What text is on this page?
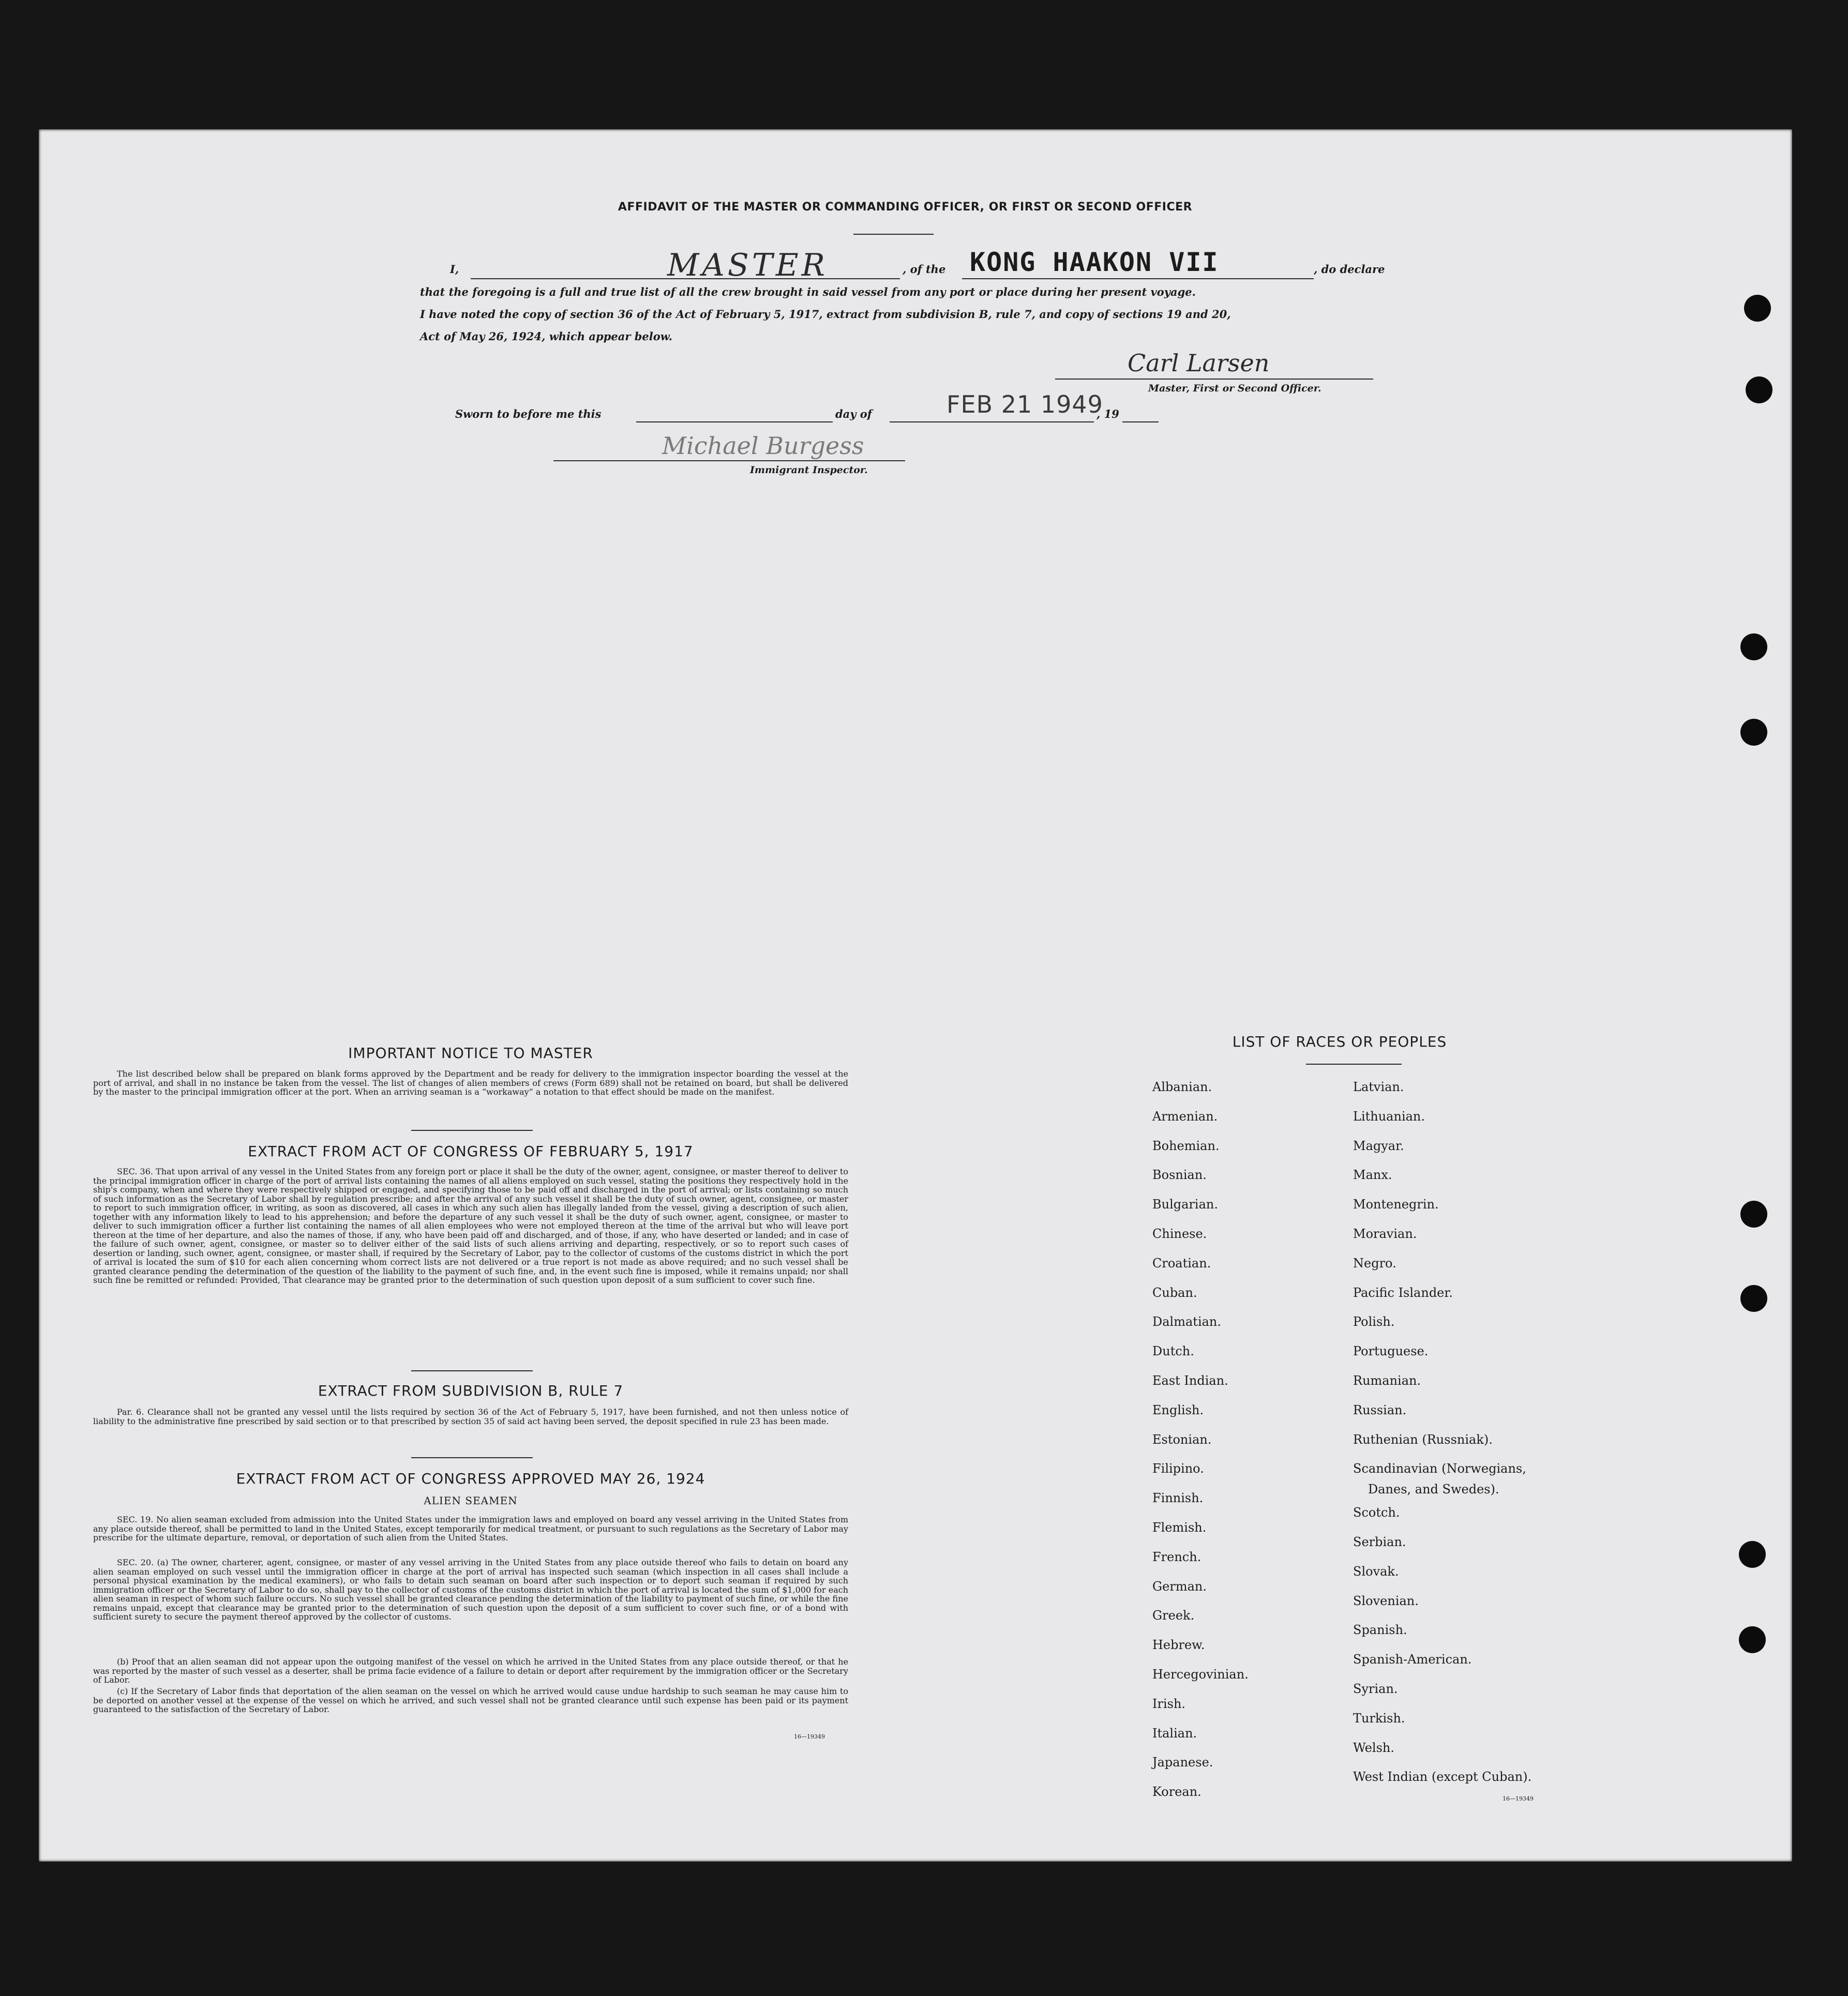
AFFIDAVIT OF THE MASTER OR COMMANDING OFFICER, OR FIRST OR SECOND OFFICER
I,	MASTER	, of the KONG HAAKON VII	, do declare
that the foregoing is a full and true list of all the crew brought in said vessel from any port or place during her present voyage.
I have noted the copy of section 36 of the Act of February 5, 1917, extract from subdivision B, rule 7, and copy of sections 19 and 20,
Act of May 26, 1924, which appear below.
Carl Larsen
Master, First or Second Officer.
Sworn to before me this	day of	FEB 21 1949
, 19
Michael Burgess
Immigrant Inspector.
IMPORTANT NOTICE TO MASTER
The list described below shall be prepared on blank forms approved by the Department and be ready for delivery to the immigration inspector boarding the vessel at the port of arrival, and shall in no instance be taken from the vessel. The list of changes of alien members of crews (Form 689) shall not be retained on board, but shall be delivered by the master to the principal immigration officer at the port. When an arriving seaman is a “workaway” a notation to that effect should be made on the manifest.
EXTRACT FROM ACT OF CONGRESS OF FEBRUARY 5, 1917
SEC. 36. That upon arrival of any vessel in the United States from any foreign port or place it shall be the duty of the owner, agent, consignee, or master thereof to deliver to the principal immigration officer in charge of the port of arrival lists containing the names of all aliens employed on such vessel, stating the positions they respectively hold in the ship's company, when and where they were respectively shipped or engaged, and specifying those to be paid off and discharged in the port of arrival; or lists containing so much of such information as the Secretary of Labor shall by regulation prescribe; and after the arrival of any such vessel it shall be the duty of such owner, agent, consignee, or master to report to such immigration officer, in writing, as soon as discovered, all cases in which any such alien has illegally landed from the vessel, giving a description of such alien, together with any information likely to lead to his apprehension; and before the departure of any such vessel it shall be the duty of such owner, agent, consignee, or master to deliver to such immigration officer a further list containing the names of all alien employees who were not employed thereon at the time of the arrival but who will leave port thereon at the time of her departure, and also the names of those, if any, who have been paid off and discharged, and of those, if any, who have deserted or landed; and in case of the failure of such owner, agent, consignee, or master so to deliver either of the said lists of such aliens arriving and departing, respectively, or so to report such cases of desertion or landing, such owner, agent, consignee, or master shall, if required by the Secretary of Labor, pay to the collector of customs of the customs district in which the port of arrival is located the sum of $10 for each alien concerning whom correct lists are not delivered or a true report is not made as above required; and no such vessel shall be granted clearance pending the determination of the question of the liability to the payment of such fine, and, in the event such fine is imposed, while it remains unpaid; nor shall such fine be remitted or refunded: Provided, That clearance may be granted prior to the determination of such question upon deposit of a sum sufficient to cover such fine.
EXTRACT FROM SUBDIVISION B, RULE 7
Par. 6. Clearance shall not be granted any vessel until the lists required by section 36 of the Act of February 5, 1917, have been furnished, and not then unless notice of liability to the administrative fine prescribed by said section or to that prescribed by section 35 of said act having been served, the deposit specified in rule 23 has been made.
EXTRACT FROM ACT OF CONGRESS APPROVED MAY 26, 1924
ALIEN SEAMEN
SEC. 19. No alien seaman excluded from admission into the United States under the immigration laws and employed on board any vessel arriving in the United States from any place outside thereof, shall be permitted to land in the United States, except temporarily for medical treatment, or pursuant to such regulations as the Secretary of Labor may prescribe for the ultimate departure, removal, or deportation of such alien from the United States.
SEC. 20. (a) The owner, charterer, agent, consignee, or master of any vessel arriving in the United States from any place outside thereof who fails to detain on board any alien seaman employed on such vessel until the immigration officer in charge at the port of arrival has inspected such seaman (which inspection in all cases shall include a personal physical examination by the medical examiners), or who fails to detain such seaman on board after such inspection or to deport such seaman if required by such immigration officer or the Secretary of Labor to do so, shall pay to the collector of customs of the customs district in which the port of arrival is located the sum of $1,000 for each alien seaman in respect of whom such failure occurs. No such vessel shall be granted clearance pending the determination of the liability to payment of such fine, or while the fine remains unpaid, except that clearance may be granted prior to the determination of such question upon the deposit of a sum sufficient to cover such fine, or of a bond with sufficient surety to secure the payment thereof approved by the collector of customs.
(b) Proof that an alien seaman did not appear upon the outgoing manifest of the vessel on which he arrived in the United States from any place outside thereof, or that he was reported by the master of such vessel as a deserter, shall be prima facie evidence of a failure to detain or deport after requirement by the immigration officer or the Secretary of Labor.
(c) If the Secretary of Labor finds that deportation of the alien seaman on the vessel on which he arrived would cause undue hardship to such seaman he may cause him to be deported on another vessel at the expense of the vessel on which he arrived, and such vessel shall not be granted clearance until such expense has been paid or its payment guaranteed to the satisfaction of the Secretary of Labor.
16—19349
LIST OF RACES OR PEOPLES
Albanian.
Armenian.
Bohemian.
Bosnian.
Bulgarian.
Chinese.
Croatian.
Cuban.
Dalmatian.
Dutch.
East Indian.
English.
Estonian.
Filipino.
Finnish.
Flemish.
French.
German.
Greek.
Hebrew.
Hercegovinian.
Irish.
Italian.
Japanese.
Korean.
Latvian.
Lithuanian.
Magyar.
Manx.
Montenegrin.
Moravian.
Negro.
Pacific Islander.
Polish.
Portuguese.
Rumanian.
Russian.
Ruthenian (Russniak).
Scandinavian (Norwegians,
Scotch.
Serbian.
Slovak.
Slovenian.
Spanish.
Spanish-American.
Syrian.
Turkish.
Welsh.
West Indian (except Cuban).
Danes, and Swedes).
16—19349
